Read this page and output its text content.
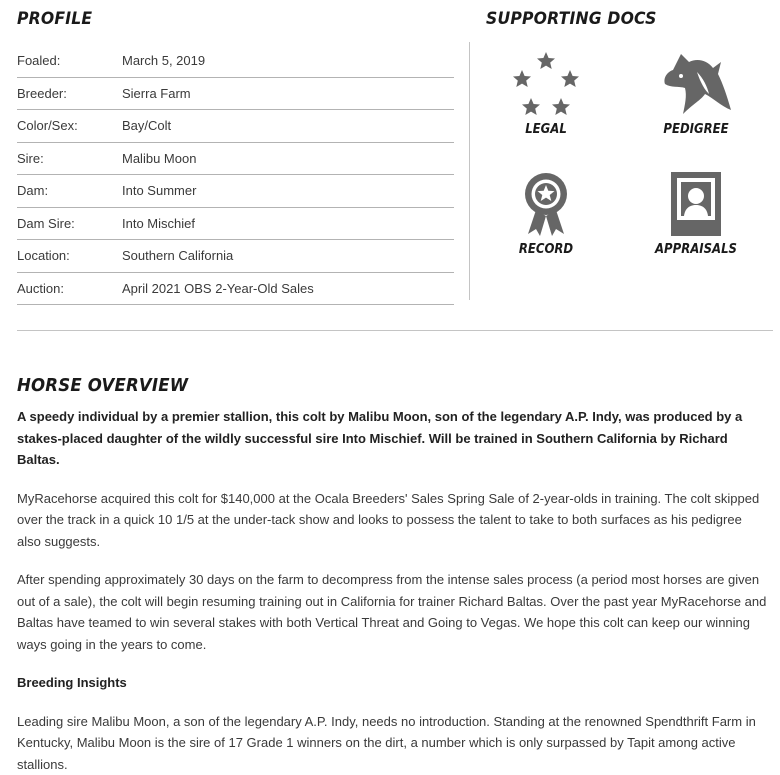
PROFILE
Foaled:	March 5, 2019
Breeder:	Sierra Farm
Color/Sex:	Bay/Colt
Sire:	Malibu Moon
Dam:	Into Summer
Dam Sire:	Into Mischief
Location:	Southern California
Auction:	April 2021 OBS 2-Year-Old Sales
SUPPORTING DOCS
LEGAL	PEDIGREE
RECORD	APPRAISALS
HORSE OVERVIEW

A speedy individual by a premier stallion, this colt by Malibu Moon, son of the legendary A.P. Indy, was produced by a stakes-placed daughter of the wildly successful sire Into Mischief. Will be trained in Southern California by Richard Baltas.

MyRacehorse acquired this colt for $140,000 at the Ocala Breeders' Sales Spring Sale of 2-year-olds in training. The colt skipped over the track in a quick 10 1/5 at the under-tack show and looks to possess the talent to take to both surfaces as his pedigree also suggests.

After spending approximately 30 days on the farm to decompress from the intense sales process (a period most horses are given out of a sale), the colt will begin resuming training out in California for trainer Richard Baltas. Over the past year MyRacehorse and Baltas have teamed to win several stakes with both Vertical Threat and Going to Vegas. We hope this colt can keep our winning ways going in the years to come.

Breeding Insights

Leading sire Malibu Moon, a son of the legendary A.P. Indy, needs no introduction. Standing at the renowned Spendthrift Farm in Kentucky, Malibu Moon is the sire of 17 Grade 1 winners on the dirt, a number which is only surpassed by Tapit among active stallions.
